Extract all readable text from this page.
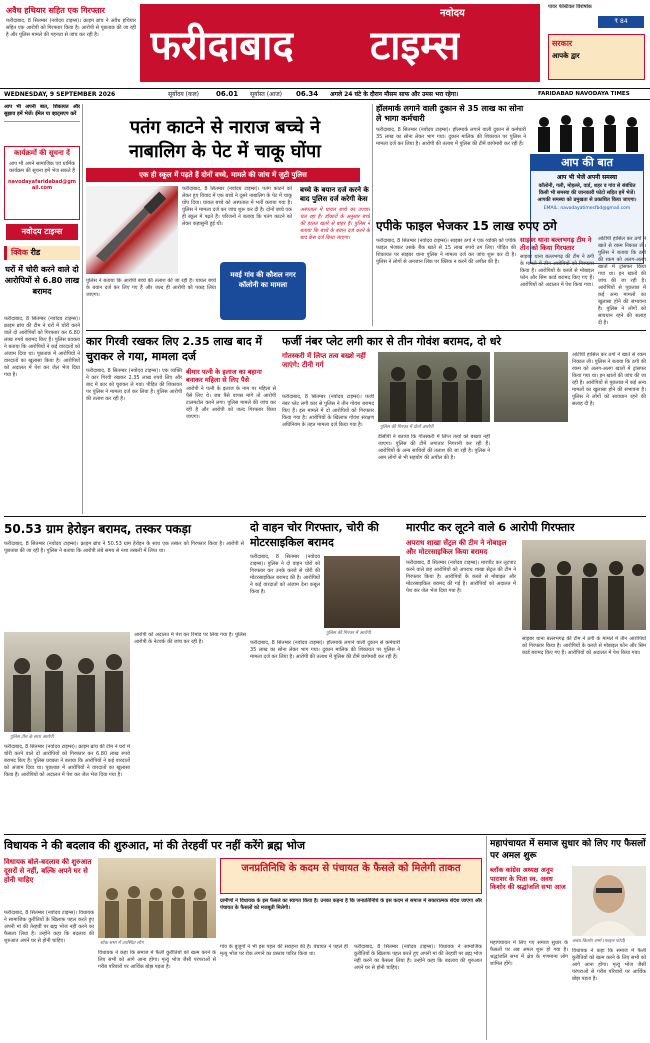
अवैध हथियार सहित एक गिरफ्तार
फरीदाबाद, 8 सितम्बर (नवोदय टाइम्स)। क्राइम ब्रांच ने अवैध हथियार सहित एक आरोपी को गिरफ्तार किया है। आरोपी से पूछताछ की जा रही है और पुलिस मामले की गहनता से जांच कर रही है।
नवोदय
फरीदाबाद टाइम्स
पावर फेस्टिवल विशेषांक
₹ 84
सरकार
आपके द्वार
WEDNESDAY, 9 SEPTEMBER 2026	सूर्योदय (कल) 06.01 सूर्यास्त (आज) 06.34 अगले 24 घंटे के दौरान मौसम साफ और उमस भरा रहेगा।	FARIDABAD NAVODAYA TIMES
आप भी अपनी बात, शिकायत और सुझाव हमें भेजें। ईमेल या व्हाट्सएप करें
कार्यक्रमों की सूचना दें
आप भी अपने सामाजिक एवं धार्मिक कार्यक्रम की सूचना हमें भेज सकते हैं
navodayafaridabad@gmail.com
नवोदय टाइम्स
क्विक रीड
घरों में चोरी करने वाले दो आरोपियों से 6.80 लाख बरामद
फरीदाबाद, 8 सितम्बर (नवोदय टाइम्स)। क्राइम ब्रांच की टीम ने घरों में चोरी करने वाले दो आरोपियों को गिरफ्तार कर 6.80 लाख रुपये बरामद किए हैं। पुलिस प्रवक्ता ने बताया कि आरोपियों ने कई वारदातों को अंजाम दिया था। पूछताछ में आरोपियों ने वारदातों का खुलासा किया है। आरोपियों को अदालत में पेश कर जेल भेज दिया गया है।
पतंग काटने से नाराज बच्चे ने
नाबालिग के पेट में चाकू घोंपा
एक ही स्कूल में पढ़ते हैं दोनों बच्चे, मामले की जांच में जुटी पुलिस
फरीदाबाद, 8 सितम्बर (नवोदय टाइम्स)। पतंग काटने को लेकर हुए विवाद में एक बच्चे ने दूसरे नाबालिग के पेट में चाकू घोंप दिया। घायल बच्चे को अस्पताल में भर्ती कराया गया है। पुलिस ने मामला दर्ज कर जांच शुरू कर दी है। दोनों बच्चे एक ही स्कूल में पढ़ते हैं। परिजनों ने बताया कि पतंग काटने को लेकर कहासुनी हुई थी।
मवई गांव की कौशल नगर कॉलोनी का मामला
पुलिस ने बताया कि आरोपी बच्चे की तलाश की जा रही है। घायल बच्चे के बयान दर्ज कर लिए गए हैं और जल्द ही आरोपी को पकड़ लिया जाएगा।
बच्चे के बयान दर्ज करने के बाद पुलिस दर्ज करेगी केस
अस्पताल में घायल बच्चे का उपचार चल रहा है। डॉक्टरों के अनुसार बच्चे की हालत खतरे से बाहर है। पुलिस ने बताया कि बच्चे के बयान दर्ज करने के बाद केस दर्ज किया जाएगा।
हॉलमार्क लगाने वाली दुकान से 35 लाख का सोना ले भागा कर्मचारी
फरीदाबाद, 8 सितम्बर (नवोदय टाइम्स)। हॉलमार्क लगाने वाली दुकान से कर्मचारी 35 लाख का सोना लेकर भाग गया। दुकान मालिक की शिकायत पर पुलिस ने मामला दर्ज कर लिया है। आरोपी की तलाश में पुलिस की टीमें छापेमारी कर रही हैं।
आप की बात
आप भी भेजें अपनी समस्या
कॉलोनी, गली, मोहल्ले, वार्ड, शहर व गांव से संबंधित किसी भी समस्या की जानकारी फोटो सहित हमें भेजें। आपकी समस्या को प्रमुखता से प्रकाशित किया जाएगा।
EMAIL: navodayatimesfbd@gmail.com
एपीके फाइल भेजकर 15 लाख रुपए ठगे
फरीदाबाद, 8 सितम्बर (नवोदय टाइम्स)। साइबर ठगों ने एक व्यक्ति को एपीके फाइल भेजकर उसके बैंक खाते से 15 लाख रुपये ठग लिए। पीड़ित की शिकायत पर साइबर थाना पुलिस ने मामला दर्ज कर जांच शुरू कर दी है। पुलिस ने लोगों से अनजान लिंक पर क्लिक न करने की अपील की है।
साइबर थाना बल्लभगढ़ टीम ने तीन को किया गिरफ्तार
साइबर थाना बल्लभगढ़ की टीम ने ठगी के मामले में तीन आरोपियों को गिरफ्तार किया है। आरोपियों के कब्जे से मोबाइल फोन और सिम कार्ड बरामद किए गए हैं। आरोपियों को अदालत में पेश किया गया।
ओटीपी हासिल कर ठगों ने खाते से रकम निकाल ली। पुलिस ने बताया कि ठगी की रकम को अलग-अलग खातों में ट्रांसफर किया गया था। इन खातों की जांच की जा रही है। आरोपियों से पूछताछ में कई अन्य मामलों का खुलासा होने की संभावना है। पुलिस ने लोगों को सावधान रहने की सलाह दी है।
कार गिरवी रखकर लिए 2.35 लाख बाद में चुराकर ले गया, मामला दर्ज
फरीदाबाद, 8 सितम्बर (नवोदय टाइम्स)। एक व्यक्ति ने कार गिरवी रखकर 2.35 लाख रुपये लिए और बाद में कार को चुराकर ले गया। पीड़ित की शिकायत पर पुलिस ने मामला दर्ज कर लिया है। पुलिस आरोपी की तलाश कर रही है।
बीमार पत्नी के इलाज का बहाना बनाकर महिला से लिए पैसे
आरोपी ने पत्नी के इलाज के नाम पर महिला से पैसे लिए थे। जब पैसे वापस मांगे तो आरोपी टालमटोल करने लगा। पुलिस मामले की जांच कर रही है और आरोपी को जल्द गिरफ्तार किया जाएगा।
फर्जी नंबर प्लेट लगी कार से तीन गोवंश बरामद, दो धरे
गोतस्करी में लिप्त तत्व बख्शे नहीं जाएंगे: टीनी गर्ग
फरीदाबाद, 8 सितम्बर (नवोदय टाइम्स)। फर्जी नंबर प्लेट लगी कार से पुलिस ने तीन गोवंश बरामद किए हैं। इस मामले में दो आरोपियों को गिरफ्तार किया गया है। आरोपियों के खिलाफ गोवंश संरक्षण अधिनियम के तहत मामला दर्ज किया गया है।	पुलिस की गिरफ्त में दोनों आरोपी
डीसीपी ने बताया कि गोतस्करी में लिप्त तत्वों को बख्शा नहीं जाएगा। पुलिस की टीमें लगातार निगरानी कर रही हैं। आरोपियों के अन्य साथियों की तलाश की जा रही है। पुलिस ने आम लोगों से भी सहयोग की अपील की है।
ओटीपी हासिल कर ठगों ने खाते से रकम निकाल ली। पुलिस ने बताया कि ठगी की रकम को अलग-अलग खातों में ट्रांसफर किया गया था। इन खातों की जांच की जा रही है। आरोपियों से पूछताछ में कई अन्य मामलों का खुलासा होने की संभावना है। पुलिस ने लोगों को सावधान रहने की सलाह दी है।
50.53 ग्राम हेरोइन बरामद, तस्कर पकड़ा
फरीदाबाद, 8 सितम्बर (नवोदय टाइम्स)। क्राइम ब्रांच ने 50.53 ग्राम हेरोइन के साथ एक तस्कर को गिरफ्तार किया है। आरोपी से पूछताछ की जा रही है। पुलिस ने बताया कि आरोपी लंबे समय से नशा तस्करी में लिप्त था।
पुलिस टीम के साथ आरोपी
आरोपी को अदालत में पेश कर रिमांड पर लिया गया है। पुलिस आरोपी के नेटवर्क की जांच कर रही है।
फरीदाबाद, 8 सितम्बर (नवोदय टाइम्स)। क्राइम ब्रांच की टीम ने घरों में चोरी करने वाले दो आरोपियों को गिरफ्तार कर 6.80 लाख रुपये बरामद किए हैं। पुलिस प्रवक्ता ने बताया कि आरोपियों ने कई वारदातों को अंजाम दिया था। पूछताछ में आरोपियों ने वारदातों का खुलासा किया है। आरोपियों को अदालत में पेश कर जेल भेज दिया गया है।
दो वाहन चोर गिरफ्तार, चोरी की मोटरसाइकिल बरामद
फरीदाबाद, 8 सितम्बर (नवोदय टाइम्स)। पुलिस ने दो वाहन चोरों को गिरफ्तार कर उनके कब्जे से चोरी की मोटरसाइकिल बरामद की है। आरोपियों ने कई वारदातों को अंजाम देना कबूल किया है।
पुलिस की गिरफ्त में आरोपी
फरीदाबाद, 8 सितम्बर (नवोदय टाइम्स)। हॉलमार्क लगाने वाली दुकान से कर्मचारी 35 लाख का सोना लेकर भाग गया। दुकान मालिक की शिकायत पर पुलिस ने मामला दर्ज कर लिया है। आरोपी की तलाश में पुलिस की टीमें छापेमारी कर रही हैं।
मारपीट कर लूटने वाले 6 आरोपी गिरफ्तार
अपराध शाखा सेंट्रल की टीम ने नोबाइल और मोटरसाइकिल किया बरामद
फरीदाबाद, 8 सितम्बर (नवोदय टाइम्स)। मारपीट कर लूटपाट करने वाले छह आरोपियों को अपराध शाखा सेंट्रल की टीम ने गिरफ्तार किया है। आरोपियों के कब्जे से मोबाइल और मोटरसाइकिल बरामद की गई है। आरोपियों को अदालत में पेश कर जेल भेज दिया गया है।
साइबर थाना बल्लभगढ़ की टीम ने ठगी के मामले में तीन आरोपियों को गिरफ्तार किया है। आरोपियों के कब्जे से मोबाइल फोन और सिम कार्ड बरामद किए गए हैं। आरोपियों को अदालत में पेश किया गया।
विधायक ने की बदलाव की शुरुआत, मां की तेरहवीं पर नहीं करेंगे ब्रह्म भोज
विधायक बोले-बदलाव की शुरुआत दूसरों से नहीं, बल्कि अपने घर से होनी चाहिए
फरीदाबाद, 8 सितम्बर (नवोदय टाइम्स)। विधायक ने सामाजिक कुरीतियों के खिलाफ पहल करते हुए अपनी मां की तेरहवीं पर ब्रह्म भोज नहीं करने का फैसला लिया है। उन्होंने कहा कि बदलाव की शुरुआत अपने घर से होनी चाहिए।	शोक सभा में उपस्थित लोग
विधायक ने कहा कि समाज में फैली कुरीतियों को खत्म करने के लिए सभी को आगे आना होगा। मृत्यु भोज जैसी परंपराओं से गरीब परिवारों पर आर्थिक बोझ पड़ता है।
जनप्रतिनिधि के कदम से पंचायत के फैसले को मिलेगी ताकत
ग्रामीणों ने विधायक के इस फैसले का स्वागत किया है। उनका कहना है कि जनप्रतिनिधि के इस कदम से समाज में सकारात्मक संदेश जाएगा और पंचायत के फैसलों को मजबूती मिलेगी।
गांव के बुजुर्गों ने भी इस पहल की सराहना की है। पंचायत ने पहले ही मृत्यु भोज पर रोक लगाने का प्रस्ताव पारित किया था।
फरीदाबाद, 8 सितम्बर (नवोदय टाइम्स)। विधायक ने सामाजिक कुरीतियों के खिलाफ पहल करते हुए अपनी मां की तेरहवीं पर ब्रह्म भोज नहीं करने का फैसला लिया है। उन्होंने कहा कि बदलाव की शुरुआत अपने घर से होनी चाहिए।
महापंचायत में समाज सुधार को लिए गए फैसलों पर अमल शुरू
ब्लॉक कांग्रेस अध्यक्ष अनूप पाराशर के पिता स्व. अवध किशोर की श्रद्धांजलि सभा आज
अवध किशोर शर्मा (फाइल फोटो)
महापंचायत में लिए गए समाज सुधार के फैसलों पर अब अमल शुरू हो गया है। श्रद्धांजलि सभा में क्षेत्र के गणमान्य लोग शामिल होंगे।
विधायक ने कहा कि समाज में फैली कुरीतियों को खत्म करने के लिए सभी को आगे आना होगा। मृत्यु भोज जैसी परंपराओं से गरीब परिवारों पर आर्थिक बोझ पड़ता है।
